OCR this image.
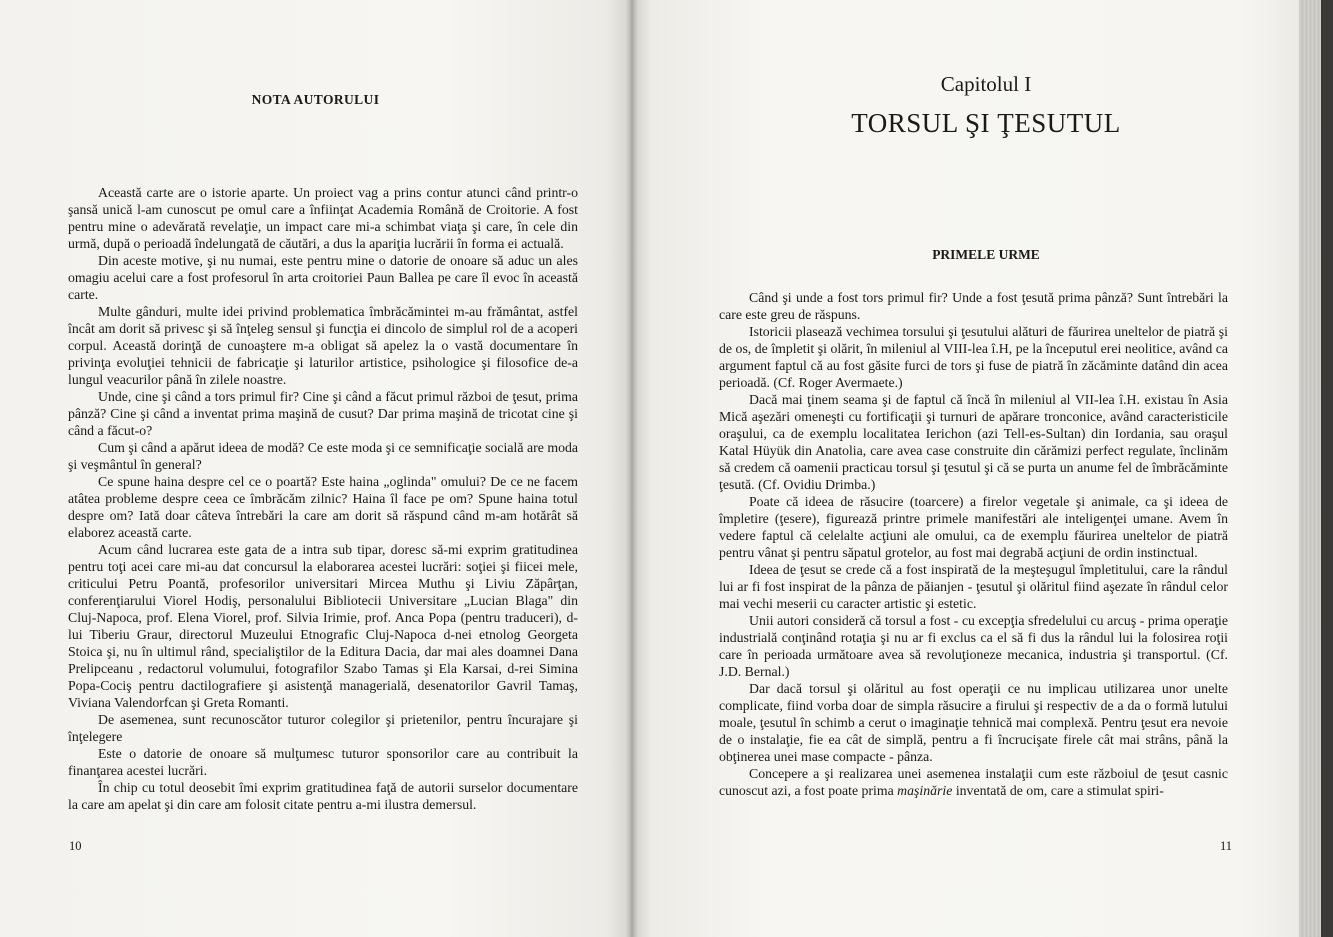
NOTA AUTORULUI

Această carte are o istorie aparte. Un proiect vag a prins contur atunci când printr-o şansă unică l-am cunoscut pe omul care a înfiinţat Academia Română de Croitorie. A fost pentru mine o adevărată revelaţie, un impact care mi-a schimbat viaţa şi care, în cele din urmă, după o perioadă îndelungată de căutări, a dus la apariţia lucrării în forma ei actuală.

Din aceste motive, şi nu numai, este pentru mine o datorie de onoare să aduc un ales omagiu acelui care a fost profesorul în arta croitoriei Paun Ballea pe care îl evoc în această carte.

Multe gânduri, multe idei privind problematica îmbrăcămintei m-au frământat, astfel încât am dorit să privesc şi să înţeleg sensul şi funcţia ei dincolo de simplul rol de a acoperi corpul. Această dorinţă de cunoaştere m-a obligat să apelez la o vastă documentare în privinţa evoluţiei tehnicii de fabricaţie şi laturilor artistice, psihologice şi filosofice de-a lungul veacurilor până în zilele noastre.

Unde, cine şi când a tors primul fir? Cine şi când a făcut primul război de ţesut, prima pânză? Cine şi când a inventat prima maşină de cusut? Dar prima maşină de tricotat cine şi când a făcut-o?

Cum şi când a apărut ideea de modă? Ce este moda şi ce semnificaţie socială are moda şi veşmântul în general?

Ce spune haina despre cel ce o poartă? Este haina „oglinda" omului? De ce ne facem atâtea probleme despre ceea ce îmbrăcăm zilnic? Haina îl face pe om? Spune haina totul despre om? Iată doar câteva întrebări la care am dorit să răspund când m-am hotărât să elaborez această carte.

Acum când lucrarea este gata de a intra sub tipar, doresc să-mi exprim gratitudinea pentru toţi acei care mi-au dat concursul la elaborarea acestei lucrări: soţiei şi fiicei mele, criticului Petru Poantă, profesorilor universitari Mircea Muthu şi Liviu Zăpârţan, conferenţiarului Viorel Hodiş, personalului Bibliotecii Universitare „Lucian Blaga" din Cluj-Napoca, prof. Elena Viorel, prof. Silvia Irimie, prof. Anca Popa (pentru traduceri), d-lui Tiberiu Graur, directorul Muzeului Etnografic Cluj-Napoca d-nei etnolog Georgeta Stoica şi, nu în ultimul rând, specialiştilor de la Editura Dacia, dar mai ales doamnei Dana Prelipceanu , redactorul volumului, fotografilor Szabo Tamas şi Ela Karsai, d-rei Simina Popa-Cociş pentru dactilografiere şi asistenţă managerială, desenatorilor Gavril Tamaş, Viviana Valendorfcan şi Greta Romanti.

De asemenea, sunt recunoscător tuturor colegilor şi prietenilor, pentru încurajare şi înţelegere

Este o datorie de onoare să mulţumesc tuturor sponsorilor care au contribuit la finanţarea acestei lucrări.

În chip cu totul deosebit îmi exprim gratitudinea faţă de autorii surselor documentare la care am apelat şi din care am folosit citate pentru a-mi ilustra demersul.

10
Capitolul I
TORSUL ŞI ŢESUTUL
PRIMELE URME

Când şi unde a fost tors primul fir? Unde a fost ţesută prima pânză? Sunt întrebări la care este greu de răspuns.

Istoricii plasează vechimea torsului şi ţesutului alături de făurirea uneltelor de piatră şi de os, de împletit şi olărit, în mileniul al VIII-lea î.H, pe la începutul erei neolitice, având ca argument faptul că au fost găsite furci de tors şi fuse de piatră în zăcăminte datând din acea perioadă. (Cf. Roger Avermaete.)

Dacă mai ţinem seama şi de faptul că încă în mileniul al VII-lea î.H. existau în Asia Mică aşezări omeneşti cu fortificaţii şi turnuri de apărare tronconice, având caracteristicile oraşului, ca de exemplu localitatea Ierichon (azi Tell-es-Sultan) din Iordania, sau oraşul Katal Hüyük din Anatolia, care avea case construite din cărămizi perfect regulate, înclinăm să credem că oamenii practicau torsul şi ţesutul şi că se purta un anume fel de îmbrăcăminte ţesută. (Cf. Ovidiu Drimba.)

Poate că ideea de răsucire (toarcere) a firelor vegetale şi animale, ca şi ideea de împletire (ţesere), figurează printre primele manifestări ale inteligenţei umane. Avem în vedere faptul că celelalte acţiuni ale omului, ca de exemplu făurirea uneltelor de piatră pentru vânat şi pentru săpatul grotelor, au fost mai degrabă acţiuni de ordin instinctual.

Ideea de ţesut se crede că a fost inspirată de la meşteşugul împletitului, care la rândul lui ar fi fost inspirat de la pânza de păianjen - ţesutul şi olăritul fiind aşezate în rândul celor mai vechi meserii cu caracter artistic şi estetic.

Unii autori consideră că torsul a fost - cu excepţia sfredelului cu arcuş - prima operaţie industrială conţinând rotaţia şi nu ar fi exclus ca el să fi dus la rândul lui la folosirea roţii care în perioada următoare avea să revoluţioneze mecanica, industria şi transportul. (Cf. J.D. Bernal.)

Dar dacă torsul şi olăritul au fost operaţii ce nu implicau utilizarea unor unelte complicate, fiind vorba doar de simpla răsucire a firului şi respectiv de a da o formă lutului moale, ţesutul în schimb a cerut o imaginaţie tehnică mai complexă. Pentru ţesut era nevoie de o instalaţie, fie ea cât de simplă, pentru a fi încrucişate firele cât mai strâns, până la obţinerea unei mase compacte - pânza.

Concepere a şi realizarea unei asemenea instalaţii cum este războiul de ţesut casnic cunoscut azi, a fost poate prima maşinărie inventată de om, care a stimulat spiri-

11
